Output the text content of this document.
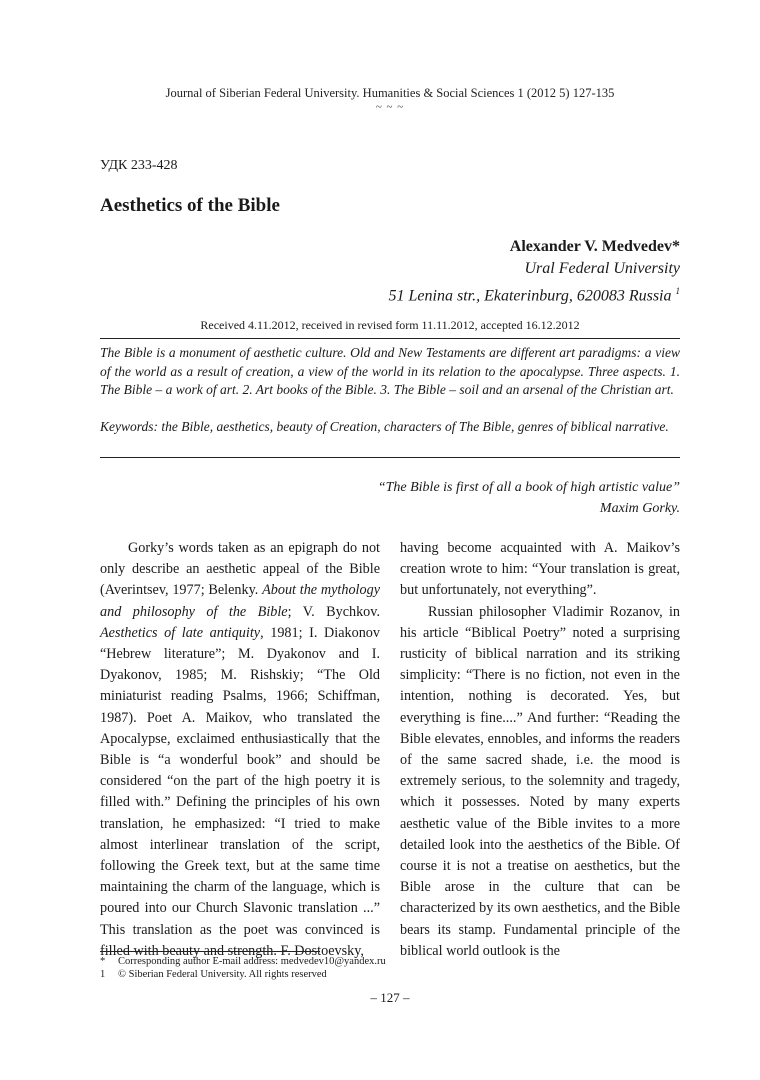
Journal of Siberian Federal University. Humanities & Social Sciences 1 (2012 5) 127-135
~ ~ ~
УДК 233-428
Aesthetics of the Bible
Alexander V. Medvedev*
Ural Federal University
51 Lenina str., Ekaterinburg, 620083 Russia $^1$
Received 4.11.2012, received in revised form 11.11.2012, accepted 16.12.2012
The Bible is a monument of aesthetic culture. Old and New Testaments are different art paradigms: a view of the world as a result of creation, a view of the world in its relation to the apocalypse. Three aspects. 1. The Bible – a work of art. 2. Art books of the Bible. 3. The Bible – soil and an arsenal of the Christian art.
Keywords: the Bible, aesthetics, beauty of Creation, characters of The Bible, genres of biblical narrative.
“The Bible is first of all a book of high artistic value”
Maxim Gorky.

Gorky’s words taken as an epigraph do not only describe an aesthetic appeal of the Bible (Averintsev, 1977; Belenky. About the mythology and philosophy of the Bible; V. Bychkov. Aesthetics of late antiquity, 1981; I. Diakonov “Hebrew literature”; M. Dyakonov and I. Dyakonov, 1985; M. Rishskiy; “The Old miniaturist reading Psalms, 1966; Schiffman, 1987). Poet A. Maikov, who translated the Apocalypse, exclaimed enthusiastically that the Bible is “a wonderful book” and should be considered “on the part of the high poetry it is filled with.” Defining the principles of his own translation, he emphasized: “I tried to make almost interlinear translation of the script, following the Greek text, but at the same time maintaining the charm of the language, which is poured into our Church Slavonic translation ...” This translation as the poet was convinced is filled with beauty and strength. F. Dostoevsky,

having become acquainted with A. Maikov’s creation wrote to him: “Your translation is great, but unfortunately, not everything”.

Russian philosopher Vladimir Rozanov, in his article “Biblical Poetry” noted a surprising rusticity of biblical narration and its striking simplicity: “There is no fiction, not even in the intention, nothing is decorated. Yes, but everything is fine....” And further: “Reading the Bible elevates, ennobles, and informs the readers of the same sacred shade, i.e. the mood is extremely serious, to the solemnity and tragedy, which it possesses. Noted by many experts aesthetic value of the Bible invites to a more detailed look into the aesthetics of the Bible. Of course it is not a treatise on aesthetics, but the Bible arose in the culture that can be characterized by its own aesthetics, and the Bible bears its stamp. Fundamental principle of the biblical world outlook is the

* Corresponding author E-mail address: medvedev10@yandex.ru
1 © Siberian Federal University. All rights reserved
– 127 –
